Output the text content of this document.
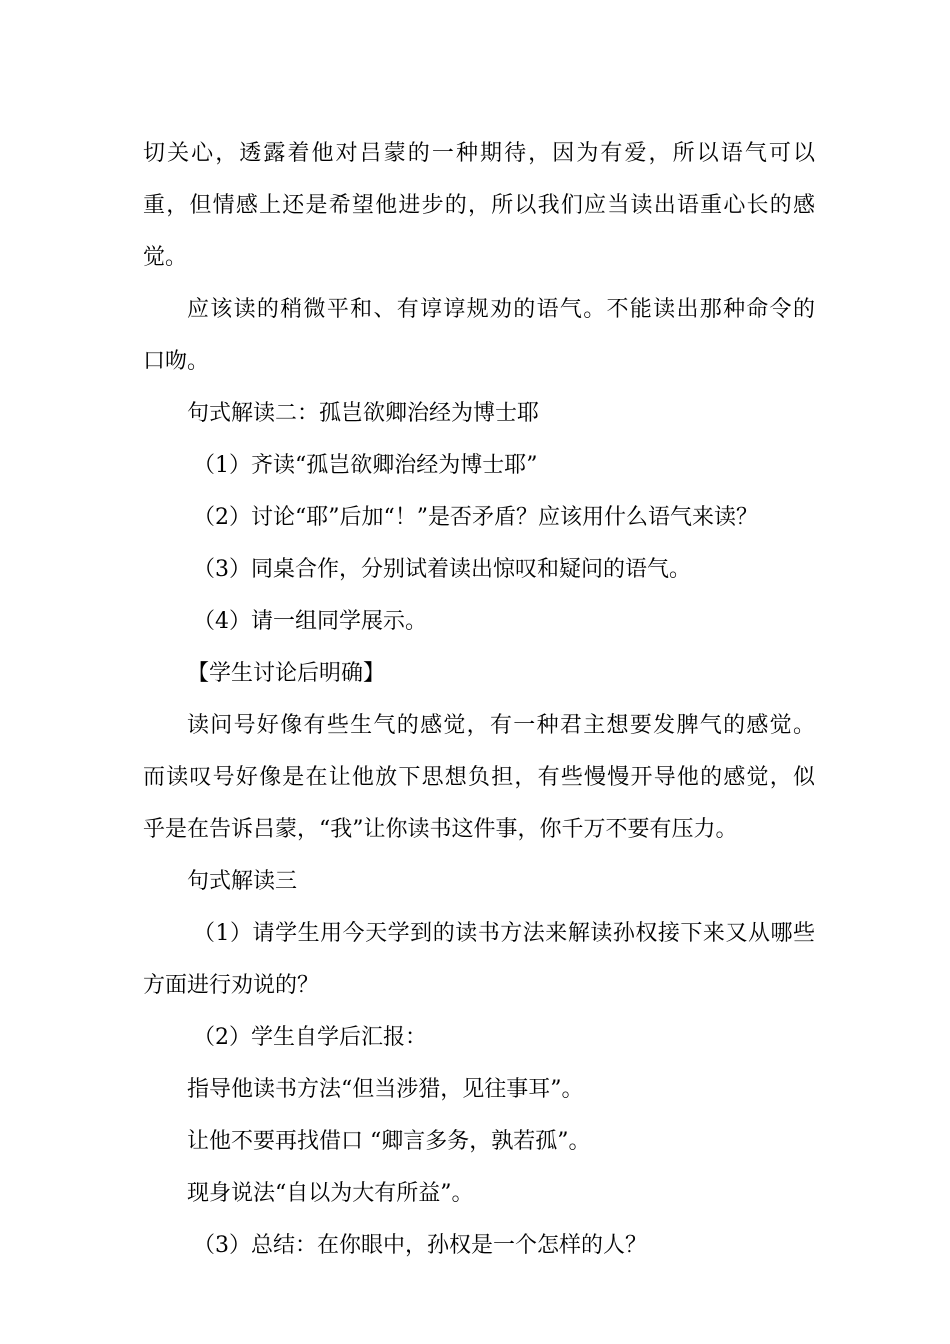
切关心，透露着他对吕蒙的一种期待，因为有爱，所以语气可以
重，但情感上还是希望他进步的，所以我们应当读出语重心长的感
觉。
应该读的稍微平和、有谆谆规劝的语气。不能读出那种命令的
口吻。
句式解读二：孤岂欲卿治经为博士耶
（1）齐读“孤岂欲卿治经为博士耶”
（2）讨论“耶”后加“！”是否矛盾？应该用什么语气来读？
（3）同桌合作，分别试着读出惊叹和疑问的语气。
（4）请一组同学展示。
【学生讨论后明确】
读问号好像有些生气的感觉，有一种君主想要发脾气的感觉。
而读叹号好像是在让他放下思想负担，有些慢慢开导他的感觉，似
乎是在告诉吕蒙，“我”让你读书这件事，你千万不要有压力。
句式解读三
（1）请学生用今天学到的读书方法来解读孙权接下来又从哪些
方面进行劝说的？
（2）学生自学后汇报：
指导他读书方法“但当涉猎，见往事耳”。
让他不要再找借口 “卿言多务，孰若孤”。
现身说法“自以为大有所益”。
（3）总结：在你眼中，孙权是一个怎样的人？
